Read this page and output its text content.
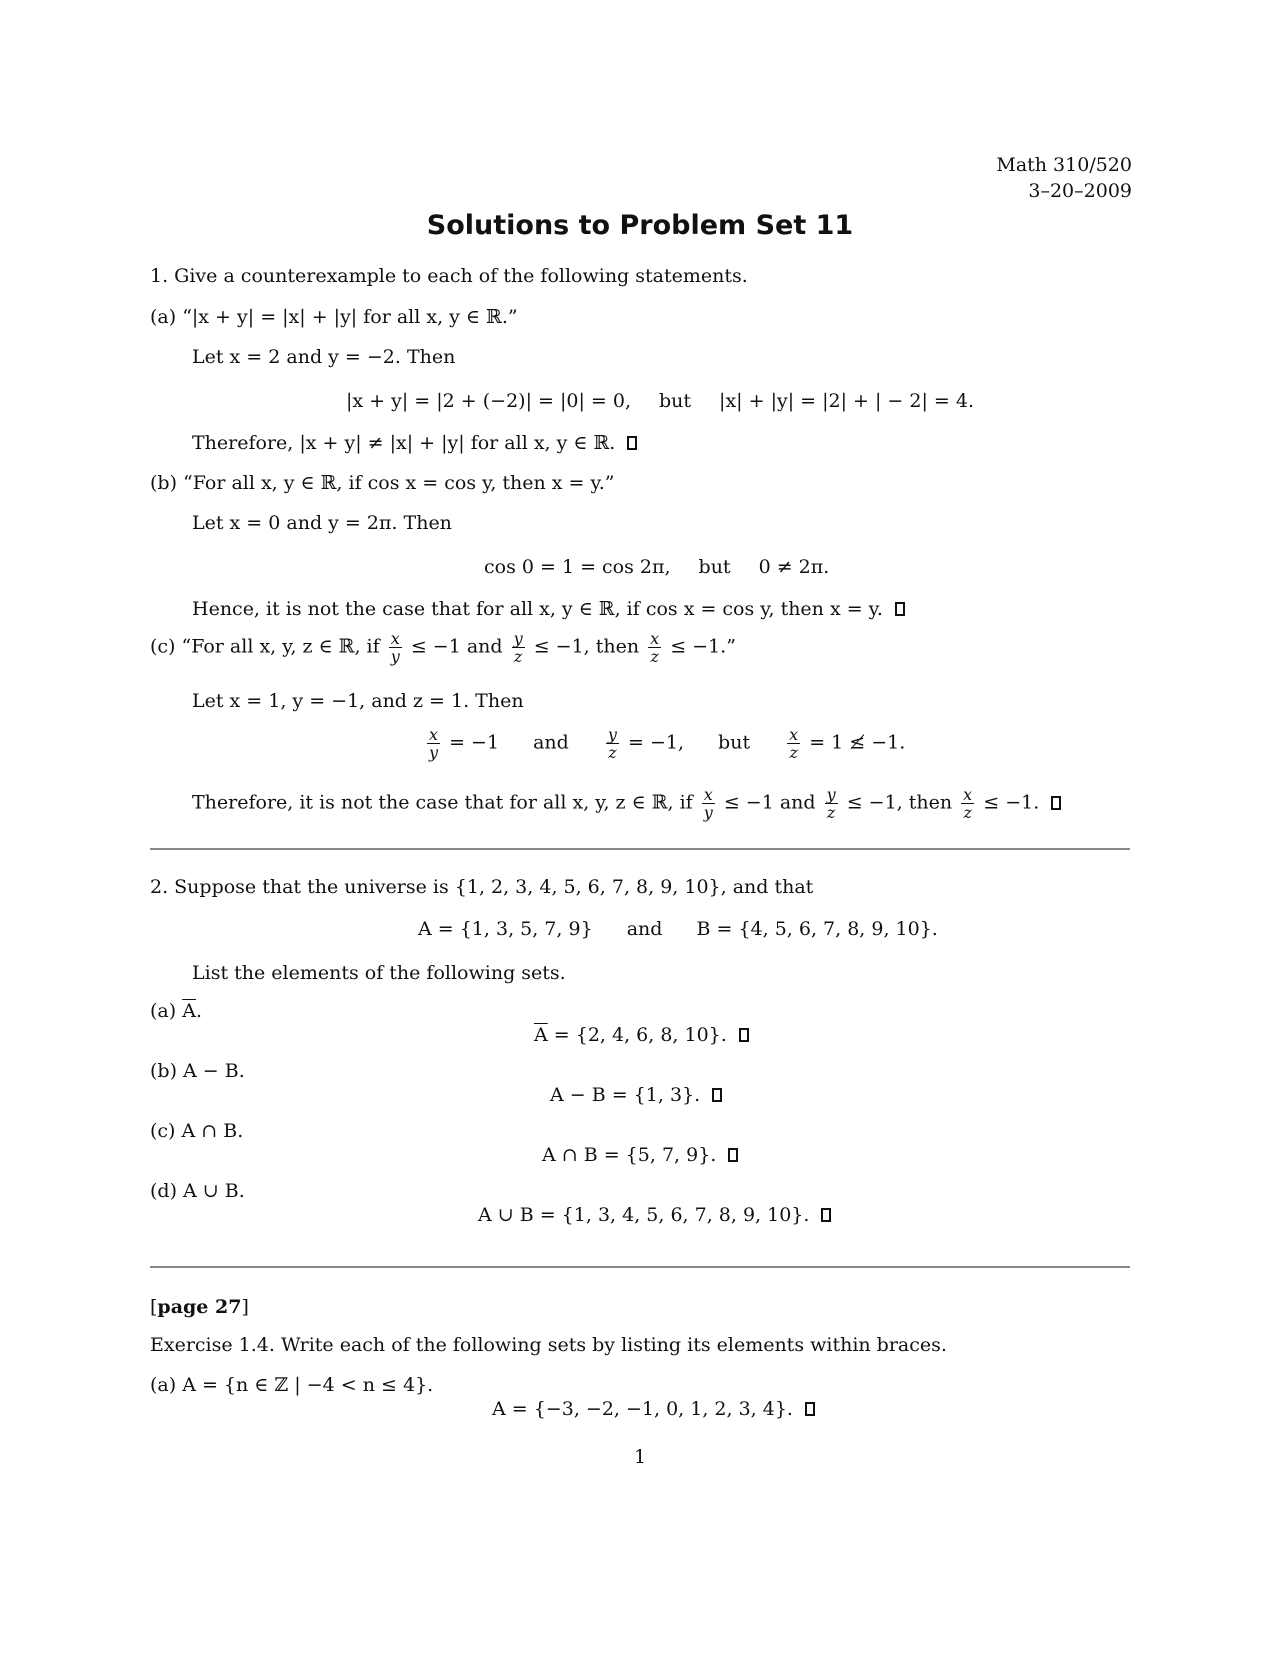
Math 310/520
3–20–2009
Solutions to Problem Set 11
1. Give a counterexample to each of the following statements.
(a) “|x + y| = |x| + |y| for all x, y ∈ ℝ.”
Let x = 2 and y = −2. Then
|x + y| = |2 + (−2)| = |0| = 0, but |x| + |y| = |2| + | − 2| = 4.
Therefore, |x + y| ≠ |x| + |y| for all x, y ∈ ℝ.
(b) “For all x, y ∈ ℝ, if cos x = cos y, then x = y.”
Let x = 0 and y = 2π. Then
cos 0 = 1 = cos 2π, but 0 ≠ 2π.
Hence, it is not the case that for all x, y ∈ ℝ, if cos x = cos y, then x = y.
(c) “For all x, y, z ∈ ℝ, if $\frac{x}{y} \le -1$ and $\frac{y}{z} \le -1$, then $\frac{x}{z} \le -1$.”
Let x = 1, y = −1, and z = 1. Then
$\frac{x}{y} = -1$ and $\frac{y}{z} = -1$, but $\frac{x}{z} = 1$ ≰ −1.
Therefore, it is not the case that for all x, y, z ∈ ℝ, if $\frac{x}{y} \le -1$ and $\frac{y}{z} \le -1$, then $\frac{x}{z} \le -1$.
2. Suppose that the universe is {1, 2, 3, 4, 5, 6, 7, 8, 9, 10}, and that
A = {1, 3, 5, 7, 9} and B = {4, 5, 6, 7, 8, 9, 10}.
List the elements of the following sets.
(a) $\overline{A}$.
$\overline{A} = \{2$, 4, 6, 8, 10}.
(b) A − B.
A − B = {1, 3}.
(c) A ∩ B.
A ∩ B = {5, 7, 9}.
(d) A ∪ B.
A ∪ B = {1, 3, 4, 5, 6, 7, 8, 9, 10}.
[page 27]
Exercise 1.4. Write each of the following sets by listing its elements within braces.
(a) A = {n ∈ ℤ | −4 < n ≤ 4}.
A = {−3, −2, −1, 0, 1, 2, 3, 4}.
1
